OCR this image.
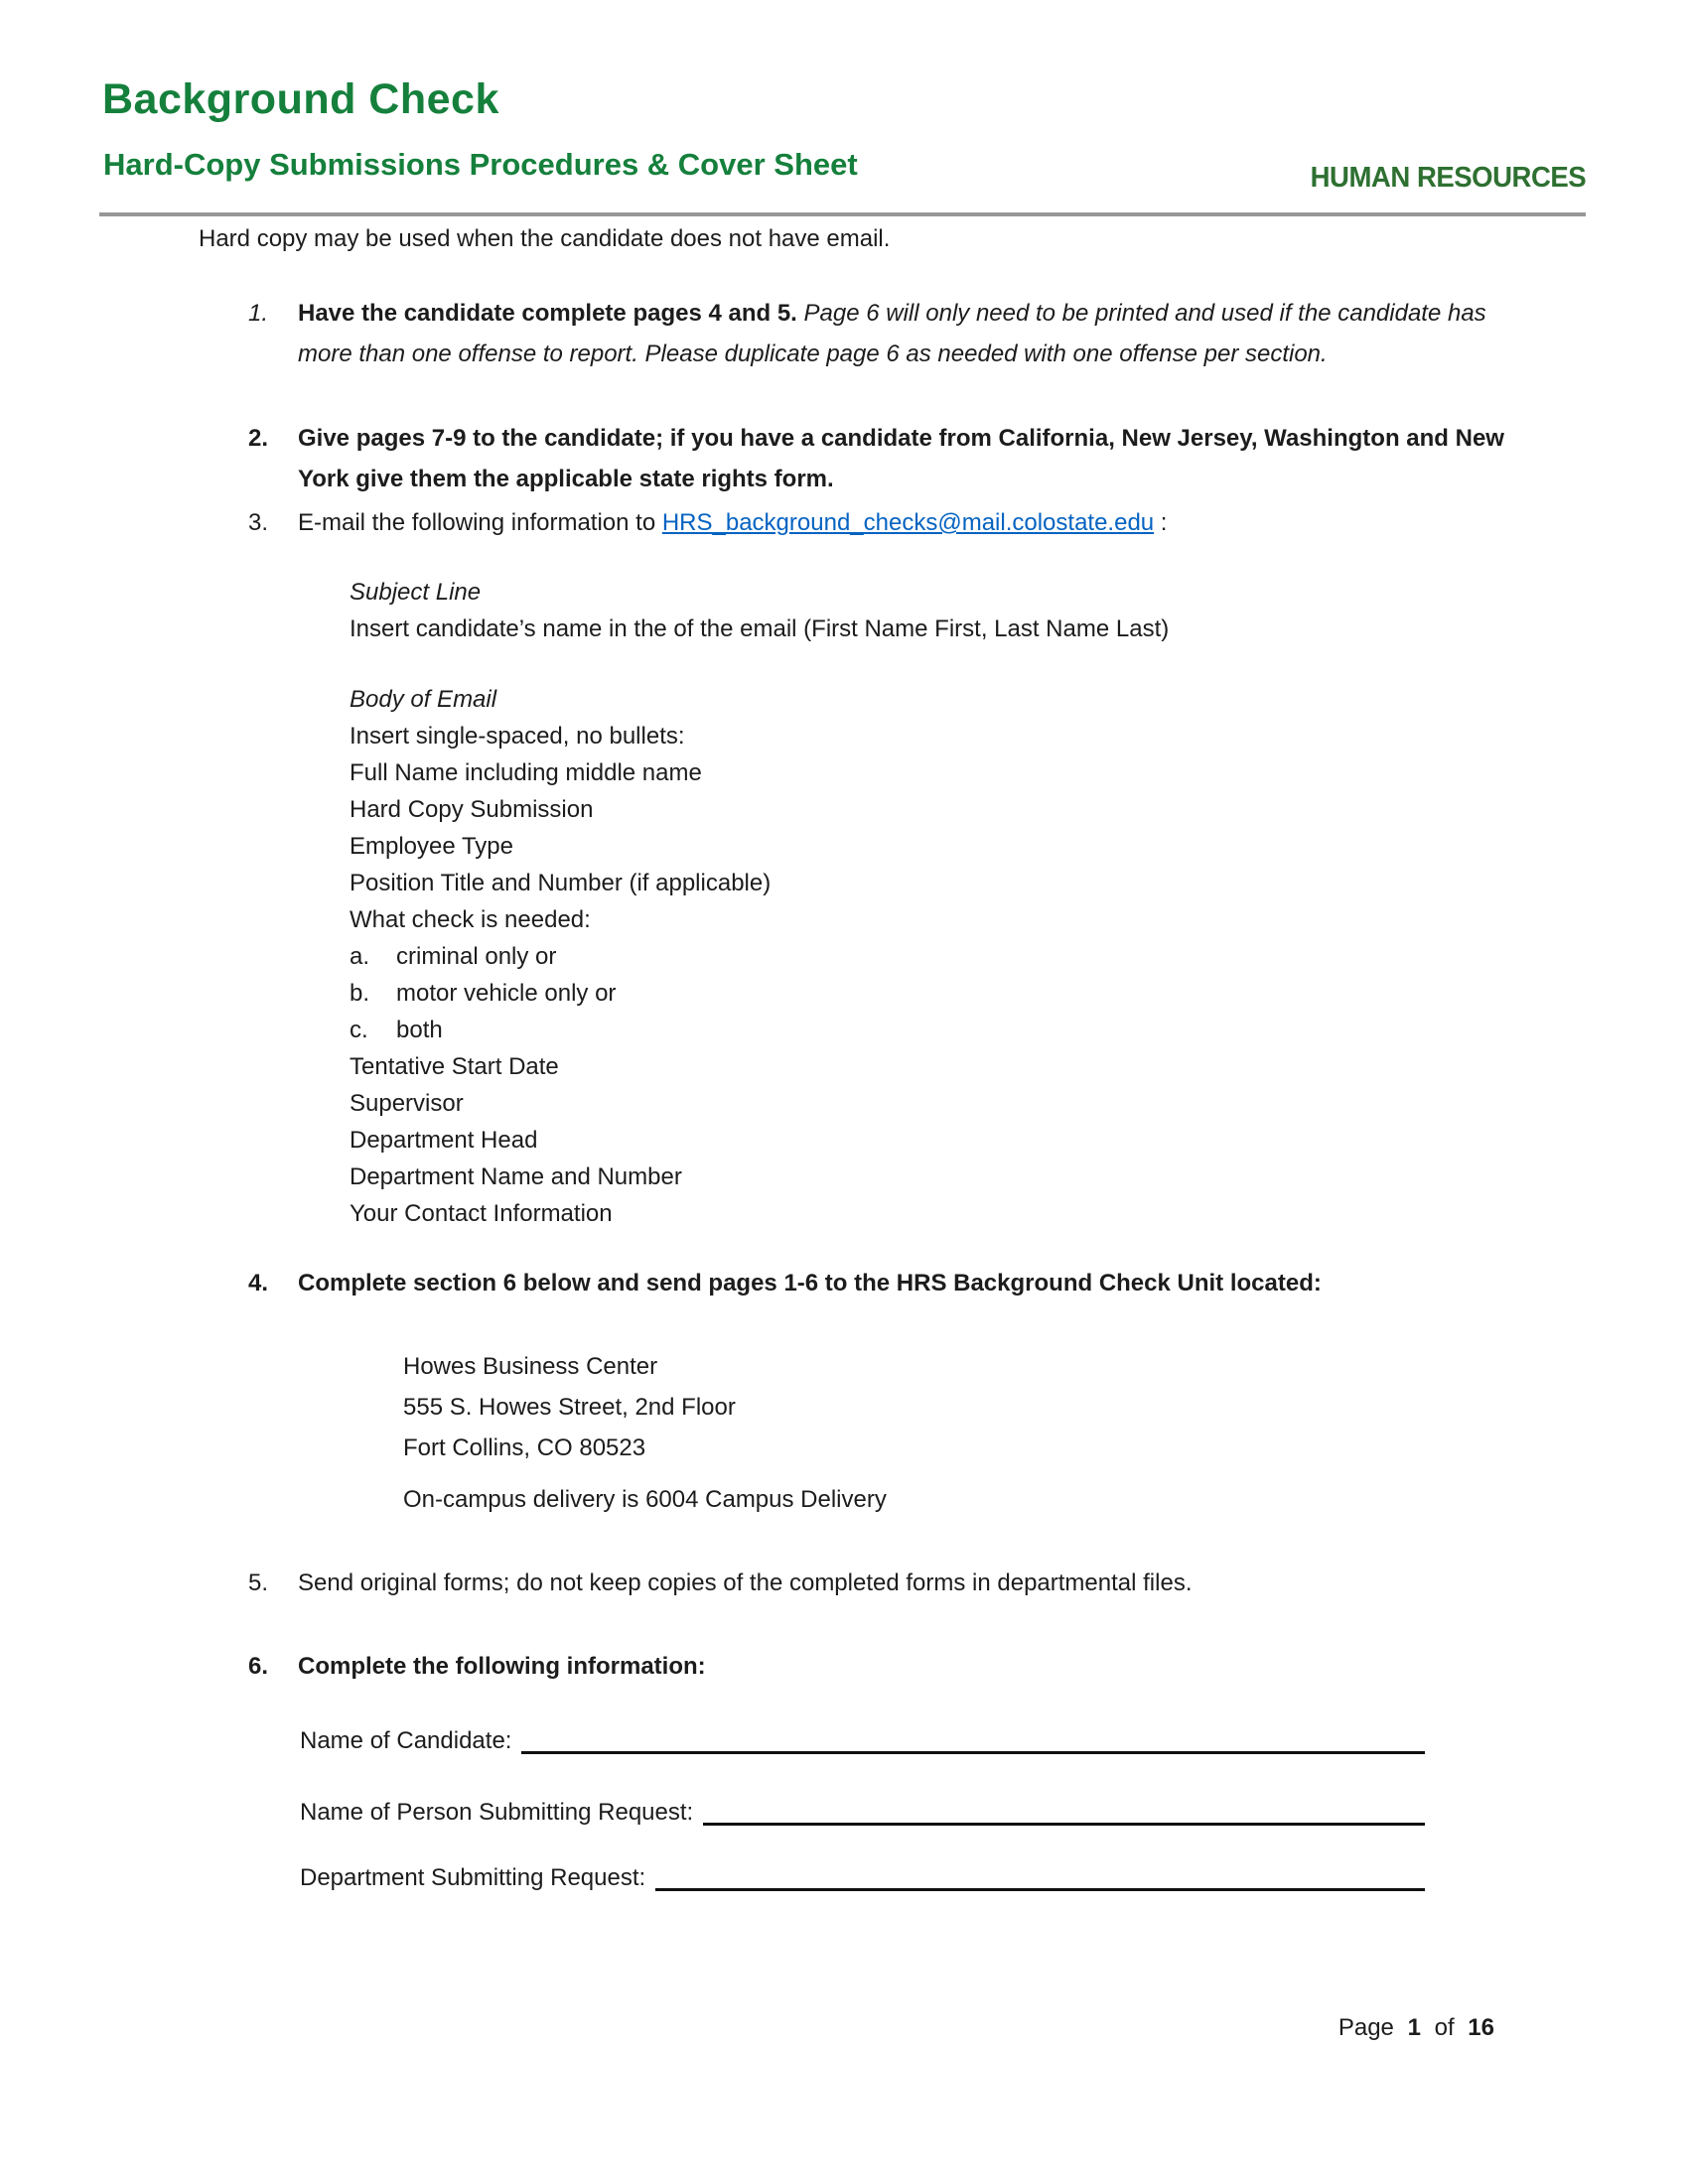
Background Check
Hard-Copy Submissions Procedures & Cover Sheet	HUMAN RESOURCES
Hard copy may be used when the candidate does not have email.
1.	Have the candidate complete pages 4 and 5. Page 6 will only need to be printed and used if the candidate has more than one offense to report. Please duplicate page 6 as needed with one offense per section.
2.	Give pages 7-9 to the candidate; if you have a candidate from California, New Jersey, Washington and New York give them the applicable state rights form.
3.	E-mail the following information to HRS_background_checks@mail.colostate.edu :

Subject Line

Insert candidate’s name in the of the email (First Name First, Last Name Last)

Body of Email

Insert single-spaced, no bullets:

Full Name including middle name

Hard Copy Submission

Employee Type

Position Title and Number (if applicable)

What check is needed:

a.	criminal only or

b.	motor vehicle only or

c.	both

Tentative Start Date

Supervisor

Department Head

Department Name and Number

Your Contact Information

4.	Complete section 6 below and send pages 1-6 to the HRS Background Check Unit located:

Howes Business Center

555 S. Howes Street, 2nd Floor

Fort Collins, CO 80523

On-campus delivery is 6004 Campus Delivery

5.	Send original forms; do not keep copies of the completed forms in departmental files.
6.	Complete the following information:
Name of Candidate:
Name of Person Submitting Request:
Department Submitting Request:
Page 1 of 16
